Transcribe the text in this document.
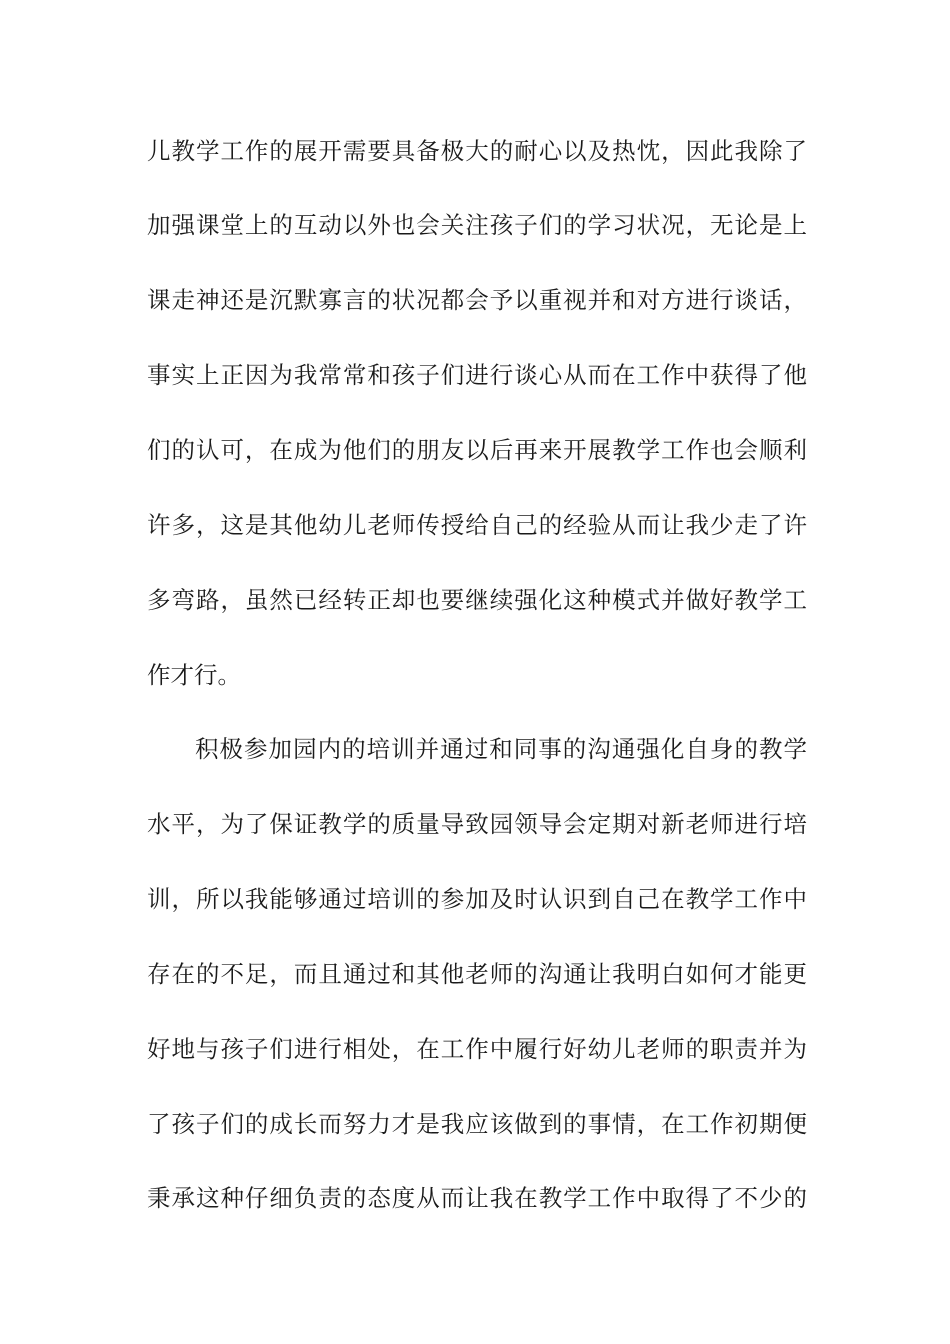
儿教学工作的展开需要具备极大的耐心以及热忱，因此我除了
加强课堂上的互动以外也会关注孩子们的学习状况，无论是上
课走神还是沉默寡言的状况都会予以重视并和对方进行谈话，
事实上正因为我常常和孩子们进行谈心从而在工作中获得了他
们的认可，在成为他们的朋友以后再来开展教学工作也会顺利
许多，这是其他幼儿老师传授给自己的经验从而让我少走了许
多弯路，虽然已经转正却也要继续强化这种模式并做好教学工
作才行。
积极参加园内的培训并通过和同事的沟通强化自身的教学
水平，为了保证教学的质量导致园领导会定期对新老师进行培
训，所以我能够通过培训的参加及时认识到自己在教学工作中
存在的不足，而且通过和其他老师的沟通让我明白如何才能更
好地与孩子们进行相处，在工作中履行好幼儿老师的职责并为
了孩子们的成长而努力才是我应该做到的事情，在工作初期便
秉承这种仔细负责的态度从而让我在教学工作中取得了不少的
